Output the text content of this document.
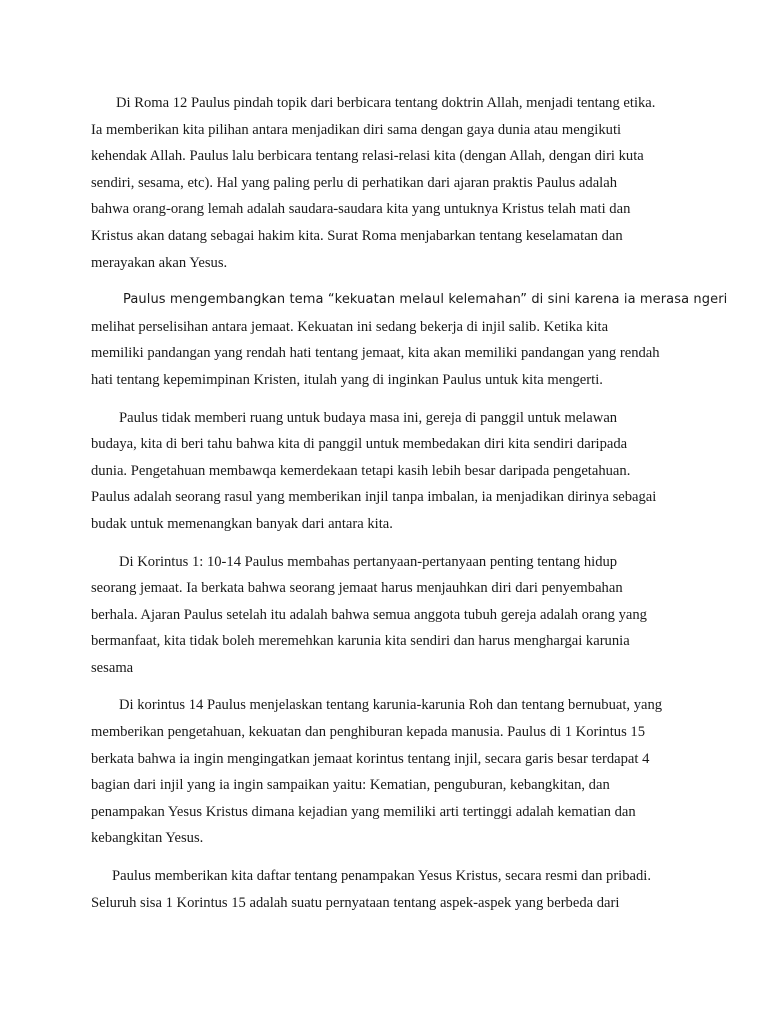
Di Roma 12 Paulus pindah topik dari berbicara tentang doktrin Allah, menjadi tentang etika.
Ia memberikan kita pilihan antara menjadikan diri sama dengan gaya dunia atau mengikuti
kehendak Allah. Paulus lalu berbicara tentang relasi-relasi kita (dengan Allah, dengan diri kuta
sendiri, sesama, etc). Hal yang paling perlu di perhatikan dari ajaran praktis Paulus adalah
bahwa orang-orang lemah adalah saudara-saudara kita yang untuknya Kristus telah mati dan
Kristus akan datang sebagai hakim kita. Surat Roma menjabarkan tentang keselamatan dan
merayakan akan Yesus.

Paulus mengembangkan tema “kekuatan melaul kelemahan” di sini karena ia merasa ngeri
melihat perselisihan antara jemaat. Kekuatan ini sedang bekerja di injil salib. Ketika kita
memiliki pandangan yang rendah hati tentang jemaat, kita akan memiliki pandangan yang rendah
hati tentang kepemimpinan Kristen, itulah yang di inginkan Paulus untuk kita mengerti.

Paulus tidak memberi ruang untuk budaya masa ini, gereja di panggil untuk melawan
budaya, kita di beri tahu bahwa kita di panggil untuk membedakan diri kita sendiri daripada
dunia. Pengetahuan membawqa kemerdekaan tetapi kasih lebih besar daripada pengetahuan.
Paulus adalah seorang rasul yang memberikan injil tanpa imbalan, ia menjadikan dirinya sebagai
budak untuk memenangkan banyak dari antara kita.

Di Korintus 1: 10-14 Paulus membahas pertanyaan-pertanyaan penting tentang hidup
seorang jemaat. Ia berkata bahwa seorang jemaat harus menjauhkan diri dari penyembahan
berhala. Ajaran Paulus setelah itu adalah bahwa semua anggota tubuh gereja adalah orang yang
bermanfaat, kita tidak boleh meremehkan karunia kita sendiri dan harus menghargai karunia
sesama

Di korintus 14 Paulus menjelaskan tentang karunia-karunia Roh dan tentang bernubuat, yang
memberikan pengetahuan, kekuatan dan penghiburan kepada manusia. Paulus di 1 Korintus 15
berkata bahwa ia ingin mengingatkan jemaat korintus tentang injil, secara garis besar terdapat 4
bagian dari injil yang ia ingin sampaikan yaitu: Kematian, penguburan, kebangkitan, dan
penampakan Yesus Kristus dimana kejadian yang memiliki arti tertinggi adalah kematian dan
kebangkitan Yesus.

Paulus memberikan kita daftar tentang penampakan Yesus Kristus, secara resmi dan pribadi.
Seluruh sisa 1 Korintus 15 adalah suatu pernyataan tentang aspek-aspek yang berbeda dari
